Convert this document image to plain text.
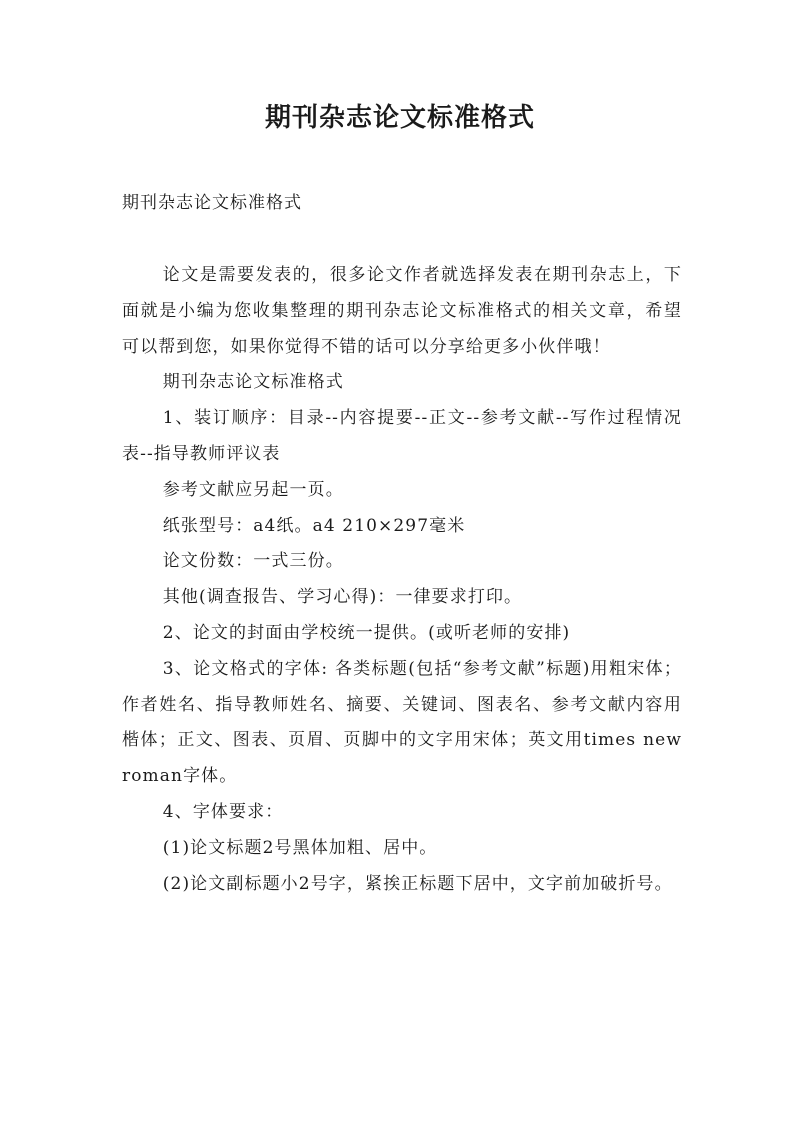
期刊杂志论文标准格式
期刊杂志论文标准格式

论文是需要发表的，很多论文作者就选择发表在期刊杂志上，下面就是小编为您收集整理的期刊杂志论文标准格式的相关文章，希望可以帮到您，如果你觉得不错的话可以分享给更多小伙伴哦！

期刊杂志论文标准格式

1、装订顺序：目录--内容提要--正文--参考文献--写作过程情况表--指导教师评议表

参考文献应另起一页。

纸张型号：a4纸。a4 210×297毫米

论文份数：一式三份。

其他(调查报告、学习心得)：一律要求打印。

2、论文的封面由学校统一提供。(或听老师的安排)

3、论文格式的字体: 各类标题(包括“参考文献”标题)用粗宋体；作者姓名、指导教师姓名、摘要、关键词、图表名、参考文献内容用楷体；正文、图表、页眉、页脚中的文字用宋体；英文用times new roman字体。

4、字体要求：

(1)论文标题2号黑体加粗、居中。

(2)论文副标题小2号字，紧挨正标题下居中，文字前加破折号。
